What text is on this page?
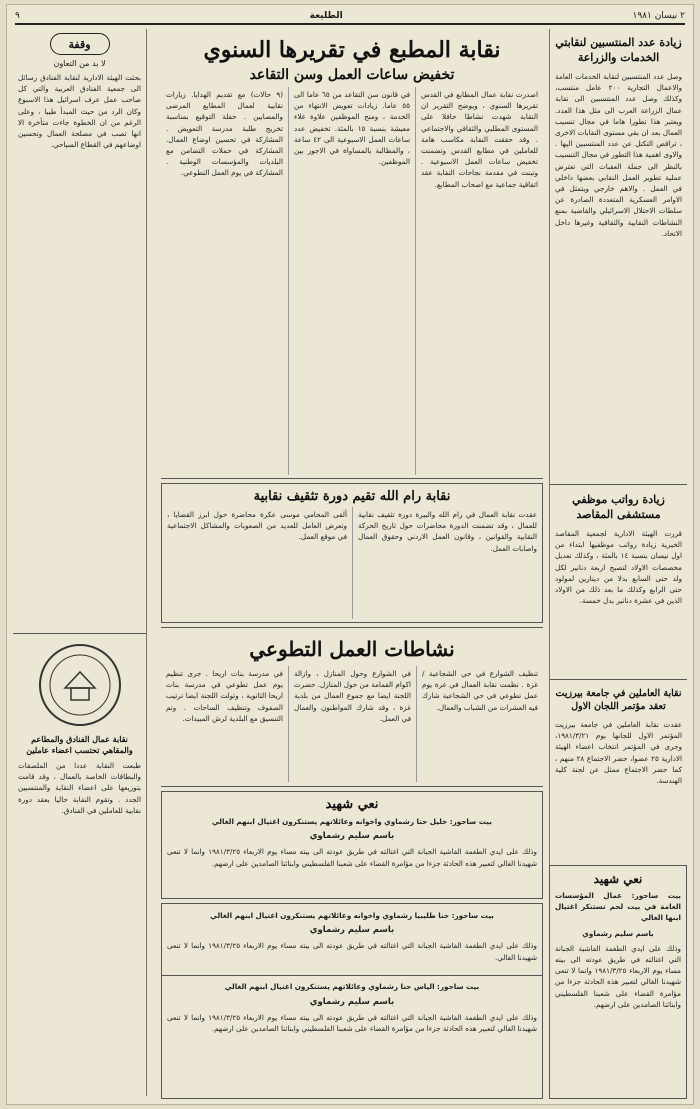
٢ نيسان ١٩٨١
الطليعة
٩
زيادة عدد المنتسبين لنقابتي الخدمات والزراعة
وصل عدد المنتسبين لنقابة الخدمات العامة والاعمال التجارية ٢٠٠ عامل منتسب، وكذلك وصل عدد المنتسبين الى نقابة عمال الزراعة العرب الى مثل هذا العدد. ويعتبر هذا تطورا هاما في مجال تنسيب العمال بعد ان بقي مستوى النقابات الاخرى ، تراقص التكتل عن عدد المنتسبين اليها . والاوى اهمية هذا التطور في مجال التنسيب بالنظر الى جملة العقبات التي تعترض عملية تطوير العمل النقابي بعضها داخلي في العمل . والاهم خارجي ويتمثل في الاوامر العسكرية المتعددة الصادرة عن سلطات الاحتلال الاسرائيلي والقاضية بمنع النشاطات النقابية والثقافية وغيرها داخل الاتحاد.
زيادة رواتب موظفي مستشفى المقاصد
قررت الهيئة الادارية لجمعية المقاصد الخيرية زيادة رواتب موظفيها ابتداء من اول نيسان بنسبة ١٤ بالمئة ، وكذلك تعديل مخصصات الاولاد لتصبح اربعة دنانير لكل ولد حتى السابع بدلا من دينارين لمولود حتى الرابع وكذلك ما بعد ذلك من الاولاد الذين في عشرة دنانير بدل خمسة.
نقابة العاملين في جامعة بيرزيت تعقد مؤتمر اللجان الاول
عقدت نقابة العاملين في جامعة بيرزيت المؤتمر الاول للجانها يوم ١٩٨١/٣/٢١، وجرى في المؤتمر انتخاب اعضاء الهيئة الادارية ٢٥ عضوا، حضر الاجتماع ٢٨ منهم ، كما حضر الاجتماع ممثل عن لجنة كلية الهندسة.
نقابة المطبع في تقريرها السنوي
تخفيض ساعات العمل وسن التقاعد
اصدرت نقابة عمال المطابع في القدس تقريرها السنوي ، ويوضح التقرير ان النقابة شهدت نشاطا حافلا على المستوى المطلبي والثقافي والاجتماعي . وقد حققت النقابة مكاسب هامة للعاملين في مطابع القدس وتضمنت تخفيض ساعات العمل الاسبوعية . وتبنت في مقدمة نجاحات النقابة عقد اتفاقية جماعية مع اصحاب المطابع.
في قانون سن التقاعد من ٦٥ عاما الى ٥٥ عاما. زيادات تعويض الانتهاء من الخدمة ، ومنح الموظفين علاوة غلاء معيشة بنسبة ١٥ بالمئة. تخفيض عدد ساعات العمل الاسبوعية الى ٤٢ ساعة ، والمطالبة بالمساواة في الاجور بين الموظفين.
(٩ حالات) مع تقديم الهدايا. زيارات نقابية لعمال المطابع المرضى والمصابين . حفلة التوقيع بمناسبة تخريج طلبة مدرسة التعويض . المشاركة في تحسين اوضاع العمال. المشاركة في حملات التضامن مع البلديات والمؤسسات الوطنية . المشاركة في يوم العمل التطوعي.
وقفة
لا بد من التعاون
بحثت الهيئة الادارية لنقابة الفنادق رسائل الى جمعية الفنادق العربية والتي كل صاحب عمل عرف اسرائيل هذا الاسبوع وكان الرد من حيث المبدأ طيبا ، وعلى الرغم من ان الخطوة جاءت متأخرة الا انها تصب في مصلحة العمال وتحسين اوضاعهم في القطاع السياحي.
نقابة عمال الفنادق والمطاعم والمقاهي تحتسب اعضاء عاملين
طبعت النقابة عددا من الملصقات والبطاقات الخاصة بالعمال ، وقد قامت بتوزيعها على اعضاء النقابة والمنتسبين الجدد . وتقوم النقابة حاليا بعقد دورة نقابية للعاملين في الفنادق.
نقابة رام الله تقيم دورة تثقيف نقابية
عقدت نقابة العمال في رام الله والبيرة دورة تثقيف نقابية للعمال ، وقد تضمنت الدورة محاضرات حول تاريخ الحركة النقابية والقوانين ، وقانون العمل الاردني وحقوق العمال واصابات العمل.
ألقى المحامي موسى عكرة محاضرة حول ابرز القضايا ، وتعرض العامل للعديد من الصعوبات والمشاكل الاجتماعية في موقع العمل.
نشاطات العمل التطوعي
تنظيف الشوارع في حي الشجاعية / غزة . نظمت نقابة العمال في غزة يوم عمل تطوعي في حي الشجاعية شارك فيه العشرات من الشباب والعمال.
في الشوارع وحول المنازل ، وازالة اكوام القمامة من حول المنازل. حضرت اللجنة ايضا مع جموع العمال من بلدية غزة ، وقد شارك المواطنون والعمال في العمل.
في مدرسة بنات اريحا . جرى تنظيم يوم عمل تطوعي في مدرسة بنات اريحا الثانوية ، وتولت اللجنة ايضا ترتيب الصفوف وتنظيف الساحات . وتم التنسيق مع البلدية لرش المبيدات.
نعي شهيد
بيت ساحور: خليل حنا رشماوي واخوانه وعائلاتهم يستنكرون اغتيال ابنهم الغالي
باسم سليم رشماوي
وذلك على ايدي الطغمة الفاشية الجبانة التي اغتالته في طريق عودته الى بيته مساء يوم الاربعاء ١٩٨١/٣/٢٥ وانما لا تنعى شهيدنا الغالي لتعبير هذه الحادثة جزءا من مؤامرة القضاء على شعبنا الفلسطيني وابنائنا الصامدين على ارضهم.
بيت ساحور: حنا طليبيا رشماوي واخوانه وعائلاتهم يستنكرون اغتيال ابنهم الغالي
باسم سليم رشماوي
وذلك على ايدي الطغمة الفاشية الجبانة التي اغتالته في طريق عودته الى بيته مساء يوم الاربعاء ١٩٨١/٣/٢٥ وانما لا تنعى شهيدنا الغالي.
بيت ساحور: الياس حنا رشماوي وعائلاتهم يستنكرون اغتيال ابنهم الغالي
باسم سليم رشماوي
وذلك على ايدي الطغمة الفاشية الجبانة التي اغتالته في طريق عودته الى بيته مساء يوم الاربعاء ١٩٨١/٣/٢٥ وانما لا تنعى شهيدنا الغالي لتعبير هذه الحادثة جزءا من مؤامرة القضاء على شعبنا الفلسطيني وابنائنا الصامدين على ارضهم.
نعي شهيد
بيت ساحور: عمال المؤسسات العامة في بيت لحم تستنكر اغتيال ابنها الغالي
باسم سليم رشماوي
وذلك على ايدي الطغمة الفاشية الجبانة التي اغتالته في طريق عودته الى بيته مساء يوم الاربعاء ١٩٨١/٣/٢٥ وانما لا تنعى شهيدنا الغالي لتعبير هذه الحادثة جزءا من مؤامرة القضاء على شعبنا الفلسطيني وابنائنا الصامدين على ارضهم.
